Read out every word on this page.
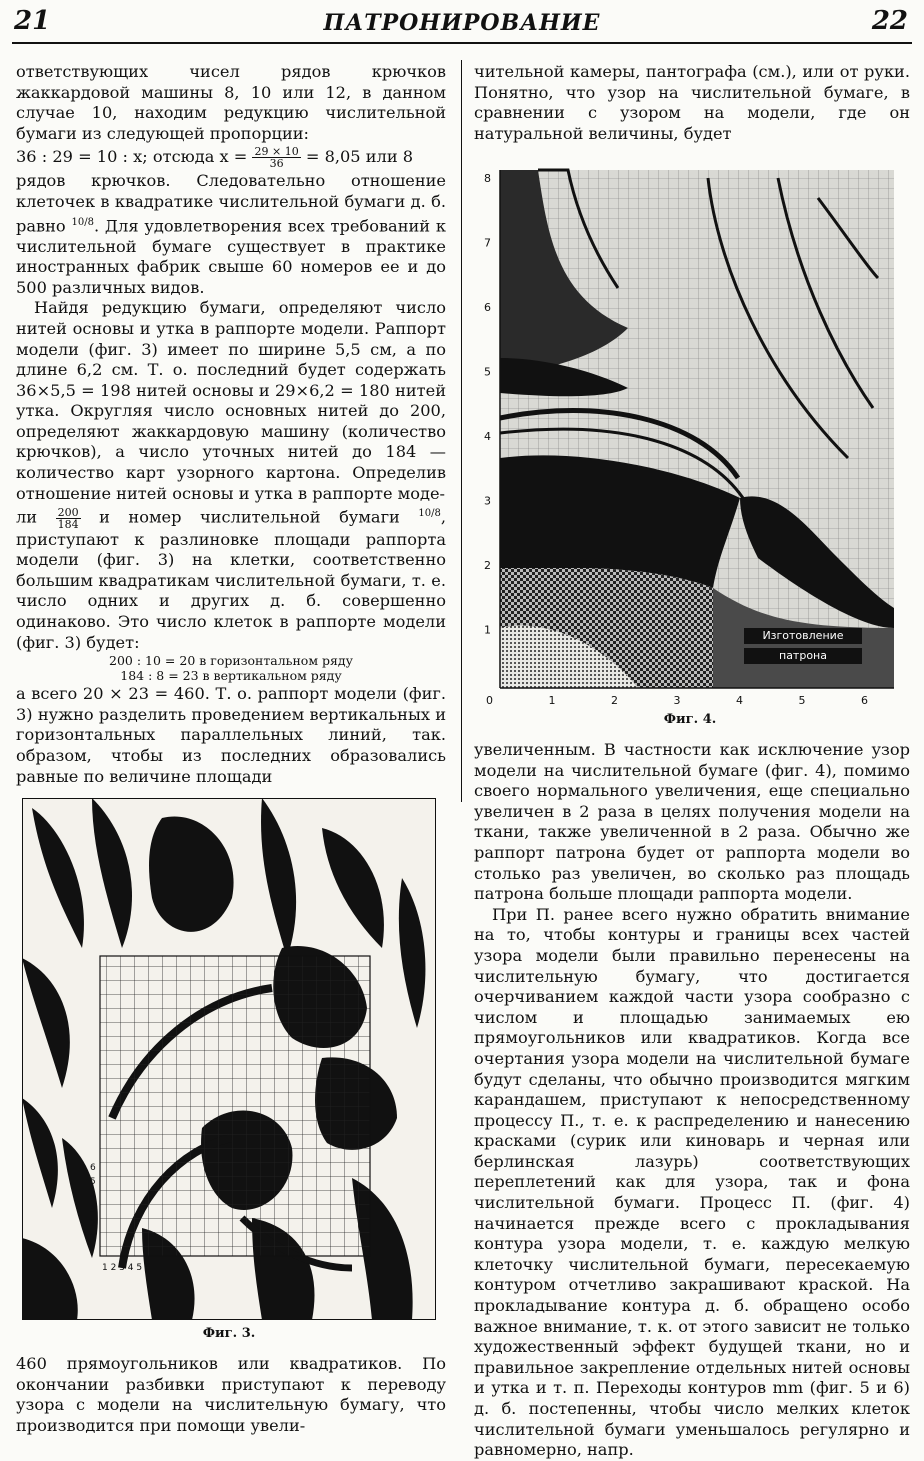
21	ПАТРОНИРОВАНИЕ	22

ответствующих чисел рядов крючков жаккардовой машины 8, 10 или 12, в данном случае 10, находим редукцию числительной бумаги из следующей пропорции:

36 : 29 = 10 : x; отсюда $x = \frac{29 \times 10}{36} = 8,05$ или 8

рядов крючков. Следовательно отношение клеточек в квадратике числительной бумаги д. б. равно $^{10/8}$. Для удовлетворения всех требований к числительной бумаге существует в практике иностранных фабрик свыше 60 номеров ее и до 500 различных видов.

Найдя редукцию бумаги, определяют число нитей основы и утка в раппорте модели. Раппорт модели (фиг. 3) имеет по ширине 5,5 см, а по длине 6,2 см. Т. о. последний будет содержать 36×5,5 = 198 нитей основы и 29×6,2 = 180 нитей утка. Округляя число основных нитей до 200, определяют жаккардовую машину (количество крючков), а число уточных нитей до 184 — количество карт узорного картона. Определив отношение нитей основы и утка в раппорте моде-

ли $\frac{200}{184}$ и номер числительной бумаги $^{10/8}$, приступают к разлиновке площади раппорта модели (фиг. 3) на клетки, соответственно большим квадратикам числительной бумаги, т. е. число одних и других д. б. совершенно одинаково. Это число клеток в раппорте модели (фиг. 3) будет:

200 : 10 = 20 в горизонтальном ряду
184 : 8 = 23 в вертикальном ряду

а всего 20 × 23 = 460. Т. о. раппорт модели (фиг. 3) нужно разделить проведением вертикальных и горизонтальных параллельных линий, так. образом, чтобы из последних образовались равные по величине площади

1 2 3 4 5 6
6
5
4
3
2
1
Фиг. 3.

460 прямоугольников или квадратиков. По окончании разбивки приступают к переводу узора с модели на числительную бумагу, что производится при помощи увели-

чительной камеры, пантографа (см.), или от руки. Понятно, что узор на числительной бумаге, в сравнении с узором на модели, где он натуральной величины, будет

0	1	2	3	4	5	6
8
7
6
5
4
3
2
1	Изготовление
патрона
Фиг. 4.

увеличенным. В частности как исключение узор модели на числительной бумаге (фиг. 4), помимо своего нормального увеличения, еще специально увеличен в 2 раза в целях получения модели на ткани, также увеличенной в 2 раза. Обычно же раппорт патрона будет от раппорта модели во столько раз увеличен, во сколько раз площадь патрона больше площади раппорта модели.

При П. ранее всего нужно обратить внимание на то, чтобы контуры и границы всех частей узора модели были правильно перенесены на числительную бумагу, что достигается очерчиванием каждой части узора сообразно с числом и площадью занимаемых ею прямоугольников или квадратиков. Когда все очертания узора модели на числительной бумаге будут сделаны, что обычно производится мягким карандашем, приступают к непосредственному процессу П., т. е. к распределению и нанесению красками (сурик или киноварь и черная или берлинская лазурь) соответствующих переплетений как для узора, так и фона числительной бумаги. Процесс П. (фиг. 4) начинается прежде всего с прокладывания контура узора модели, т. е. каждую мелкую клеточку числительной бумаги, пересекаемую контуром отчетливо закрашивают краской. На прокладывание контура д. б. обращено особо важное внимание, т. к. от этого зависит не только художественный эффект будущей ткани, но и правильное закрепление отдельных нитей основы и утка и т. п. Переходы контуров mm (фиг. 5 и 6) д. б. постепенны, чтобы число мелких клеток числительной бумаги уменьшалось регулярно и равномерно, напр.
